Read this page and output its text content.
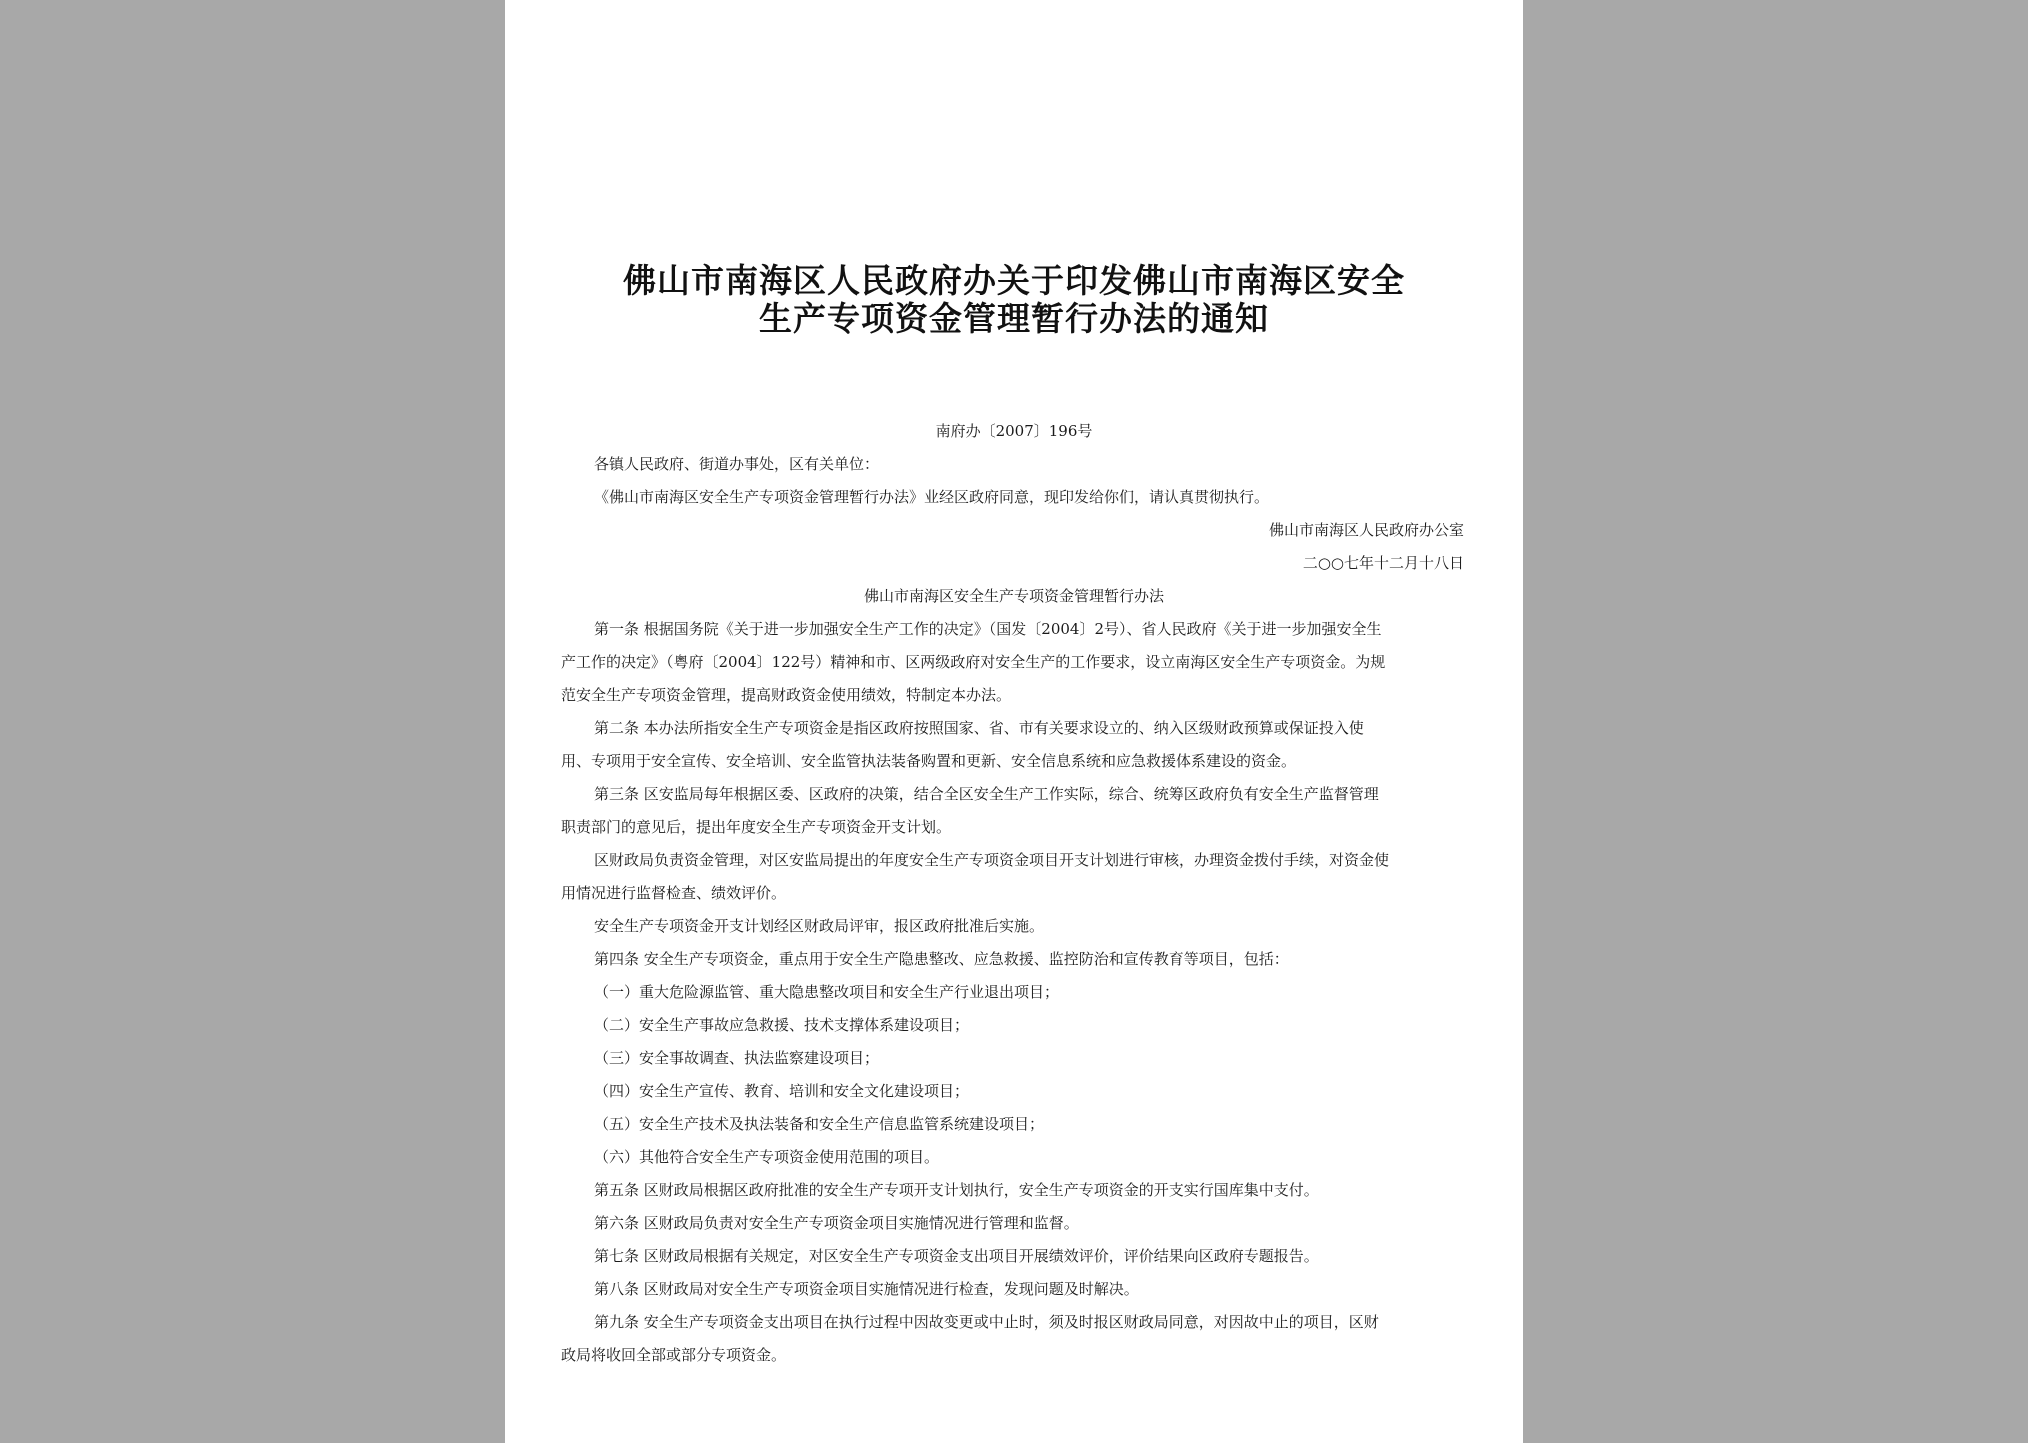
佛山市南海区人民政府办关于印发佛山市南海区安全
生产专项资金管理暂行办法的通知
南府办〔2007〕196号
各镇人民政府、街道办事处，区有关单位：
《佛山市南海区安全生产专项资金管理暂行办法》业经区政府同意，现印发给你们，请认真贯彻执行。
佛山市南海区人民政府办公室
二○○七年十二月十八日
佛山市南海区安全生产专项资金管理暂行办法
第一条 根据国务院《关于进一步加强安全生产工作的决定》（国发〔2004〕2号）、省人民政府《关于进一步加强安全生
产工作的决定》（粤府〔2004〕122号）精神和市、区两级政府对安全生产的工作要求，设立南海区安全生产专项资金。为规
范安全生产专项资金管理，提高财政资金使用绩效，特制定本办法。
第二条 本办法所指安全生产专项资金是指区政府按照国家、省、市有关要求设立的、纳入区级财政预算或保证投入使
用、专项用于安全宣传、安全培训、安全监管执法装备购置和更新、安全信息系统和应急救援体系建设的资金。
第三条 区安监局每年根据区委、区政府的决策，结合全区安全生产工作实际，综合、统筹区政府负有安全生产监督管理
职责部门的意见后，提出年度安全生产专项资金开支计划。
区财政局负责资金管理，对区安监局提出的年度安全生产专项资金项目开支计划进行审核，办理资金拨付手续，对资金使
用情况进行监督检查、绩效评价。
安全生产专项资金开支计划经区财政局评审，报区政府批准后实施。
第四条 安全生产专项资金，重点用于安全生产隐患整改、应急救援、监控防治和宣传教育等项目，包括：
（一）重大危险源监管、重大隐患整改项目和安全生产行业退出项目；
（二）安全生产事故应急救援、技术支撑体系建设项目；
（三）安全事故调查、执法监察建设项目；
（四）安全生产宣传、教育、培训和安全文化建设项目；
（五）安全生产技术及执法装备和安全生产信息监管系统建设项目；
（六）其他符合安全生产专项资金使用范围的项目。
第五条 区财政局根据区政府批准的安全生产专项开支计划执行，安全生产专项资金的开支实行国库集中支付。
第六条 区财政局负责对安全生产专项资金项目实施情况进行管理和监督。
第七条 区财政局根据有关规定，对区安全生产专项资金支出项目开展绩效评价，评价结果向区政府专题报告。
第八条 区财政局对安全生产专项资金项目实施情况进行检查，发现问题及时解决。
第九条 安全生产专项资金支出项目在执行过程中因故变更或中止时，须及时报区财政局同意，对因故中止的项目，区财
政局将收回全部或部分专项资金。
